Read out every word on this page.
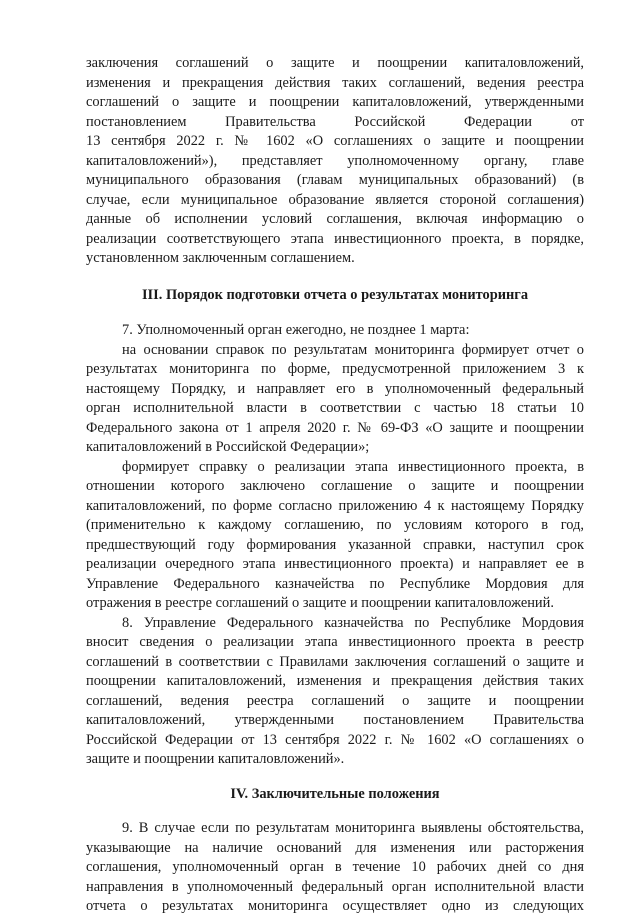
заключения соглашений о защите и поощрении капиталовложений,
изменения и прекращения действия таких соглашений, ведения реестра
соглашений о защите и поощрении капиталовложений, утвержденными
постановлением Правительства Российской Федерации от
13 сентября 2022 г. № 1602 «О соглашениях о защите и поощрении
капиталовложений»), представляет уполномоченному органу, главе
муниципального образования (главам муниципальных образований) (в
случае, если муниципальное образование является стороной соглашения)
данные об исполнении условий соглашения, включая информацию о
реализации соответствующего этапа инвестиционного проекта, в порядке,
установленном заключенным соглашением.
III. Порядок подготовки отчета о результатах мониторинга
7. Уполномоченный орган ежегодно, не позднее 1 марта:
на основании справок по результатам мониторинга формирует отчет о
результатах мониторинга по форме, предусмотренной приложением 3 к
настоящему Порядку, и направляет его в уполномоченный федеральный
орган исполнительной власти в соответствии с частью 18 статьи 10
Федерального закона от 1 апреля 2020 г. № 69-ФЗ «О защите и поощрении
капиталовложений в Российской Федерации»;
формирует справку о реализации этапа инвестиционного проекта, в
отношении которого заключено соглашение о защите и поощрении
капиталовложений, по форме согласно приложению 4 к настоящему Порядку
(применительно к каждому соглашению, по условиям которого в год,
предшествующий году формирования указанной справки, наступил срок
реализации очередного этапа инвестиционного проекта) и направляет ее в
Управление Федерального казначейства по Республике Мордовия для
отражения в реестре соглашений о защите и поощрении капиталовложений.
8. Управление Федерального казначейства по Республике Мордовия
вносит сведения о реализации этапа инвестиционного проекта в реестр
соглашений в соответствии с Правилами заключения соглашений о защите и
поощрении капиталовложений, изменения и прекращения действия таких
соглашений, ведения реестра соглашений о защите и поощрении
капиталовложений, утвержденными постановлением Правительства
Российской Федерации от 13 сентября 2022 г. № 1602 «О соглашениях о
защите и поощрении капиталовложений».
IV. Заключительные положения
9. В случае если по результатам мониторинга выявлены обстоятельства,
указывающие на наличие оснований для изменения или расторжения
соглашения, уполномоченный орган в течение 10 рабочих дней со дня
направления в уполномоченный федеральный орган исполнительной власти
отчета о результатах мониторинга осуществляет одно из следующих
